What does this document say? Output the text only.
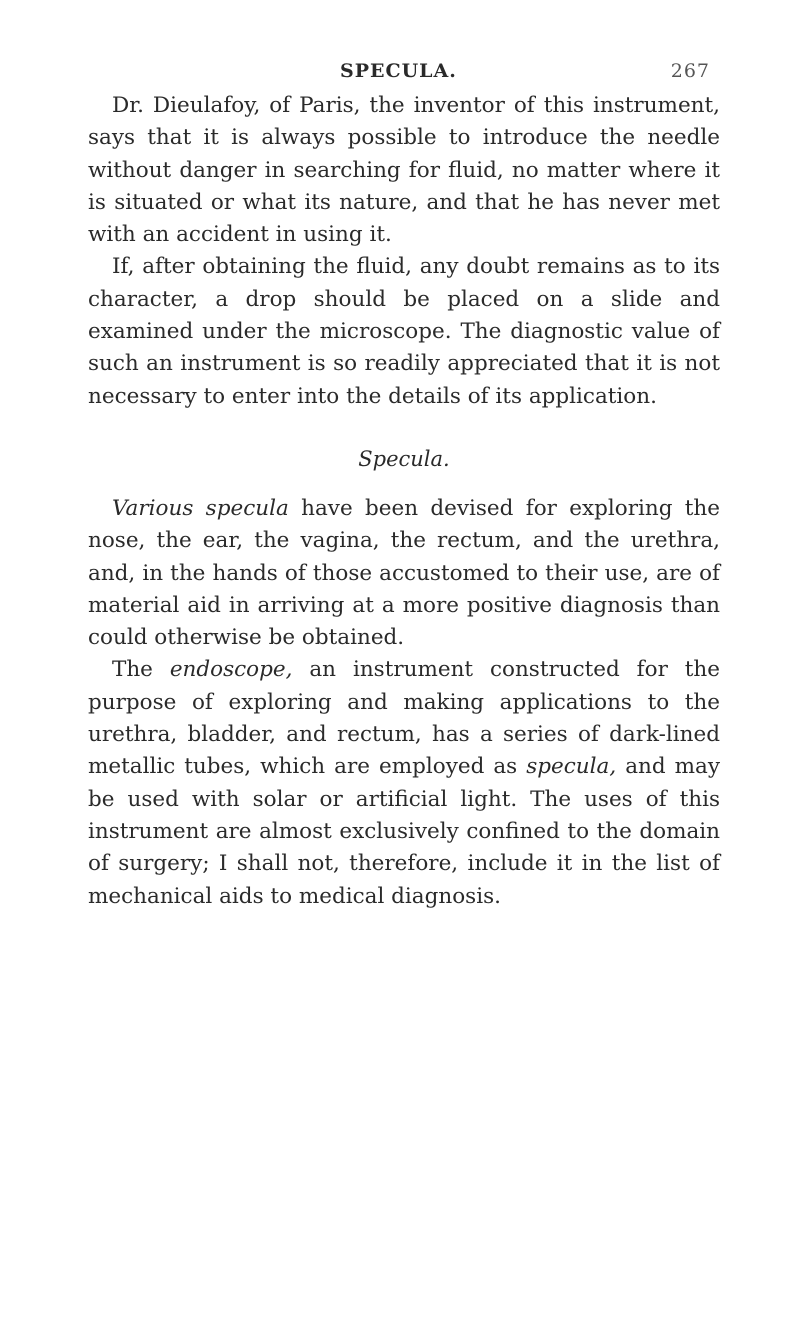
SPECULA.	267

Dr. Dieulafoy, of Paris, the inventor of this instrument, says that it is always possible to introduce the needle without danger in searching for fluid, no matter where it is situated or what its nature, and that he has never met with an accident in using it.

If, after obtaining the fluid, any doubt remains as to its character, a drop should be placed on a slide and examined under the microscope. The diagnostic value of such an instrument is so readily appreciated that it is not necessary to enter into the details of its application.

Specula.

Various specula have been devised for exploring the nose, the ear, the vagina, the rectum, and the urethra, and, in the hands of those accustomed to their use, are of material aid in arriving at a more positive diagnosis than could otherwise be obtained.

The endoscope, an instrument constructed for the purpose of exploring and making applications to the urethra, bladder, and rectum, has a series of dark-lined metallic tubes, which are employed as specula, and may be used with solar or artificial light. The uses of this instrument are almost exclusively confined to the domain of surgery; I shall not, therefore, include it in the list of mechanical aids to medical diagnosis.
